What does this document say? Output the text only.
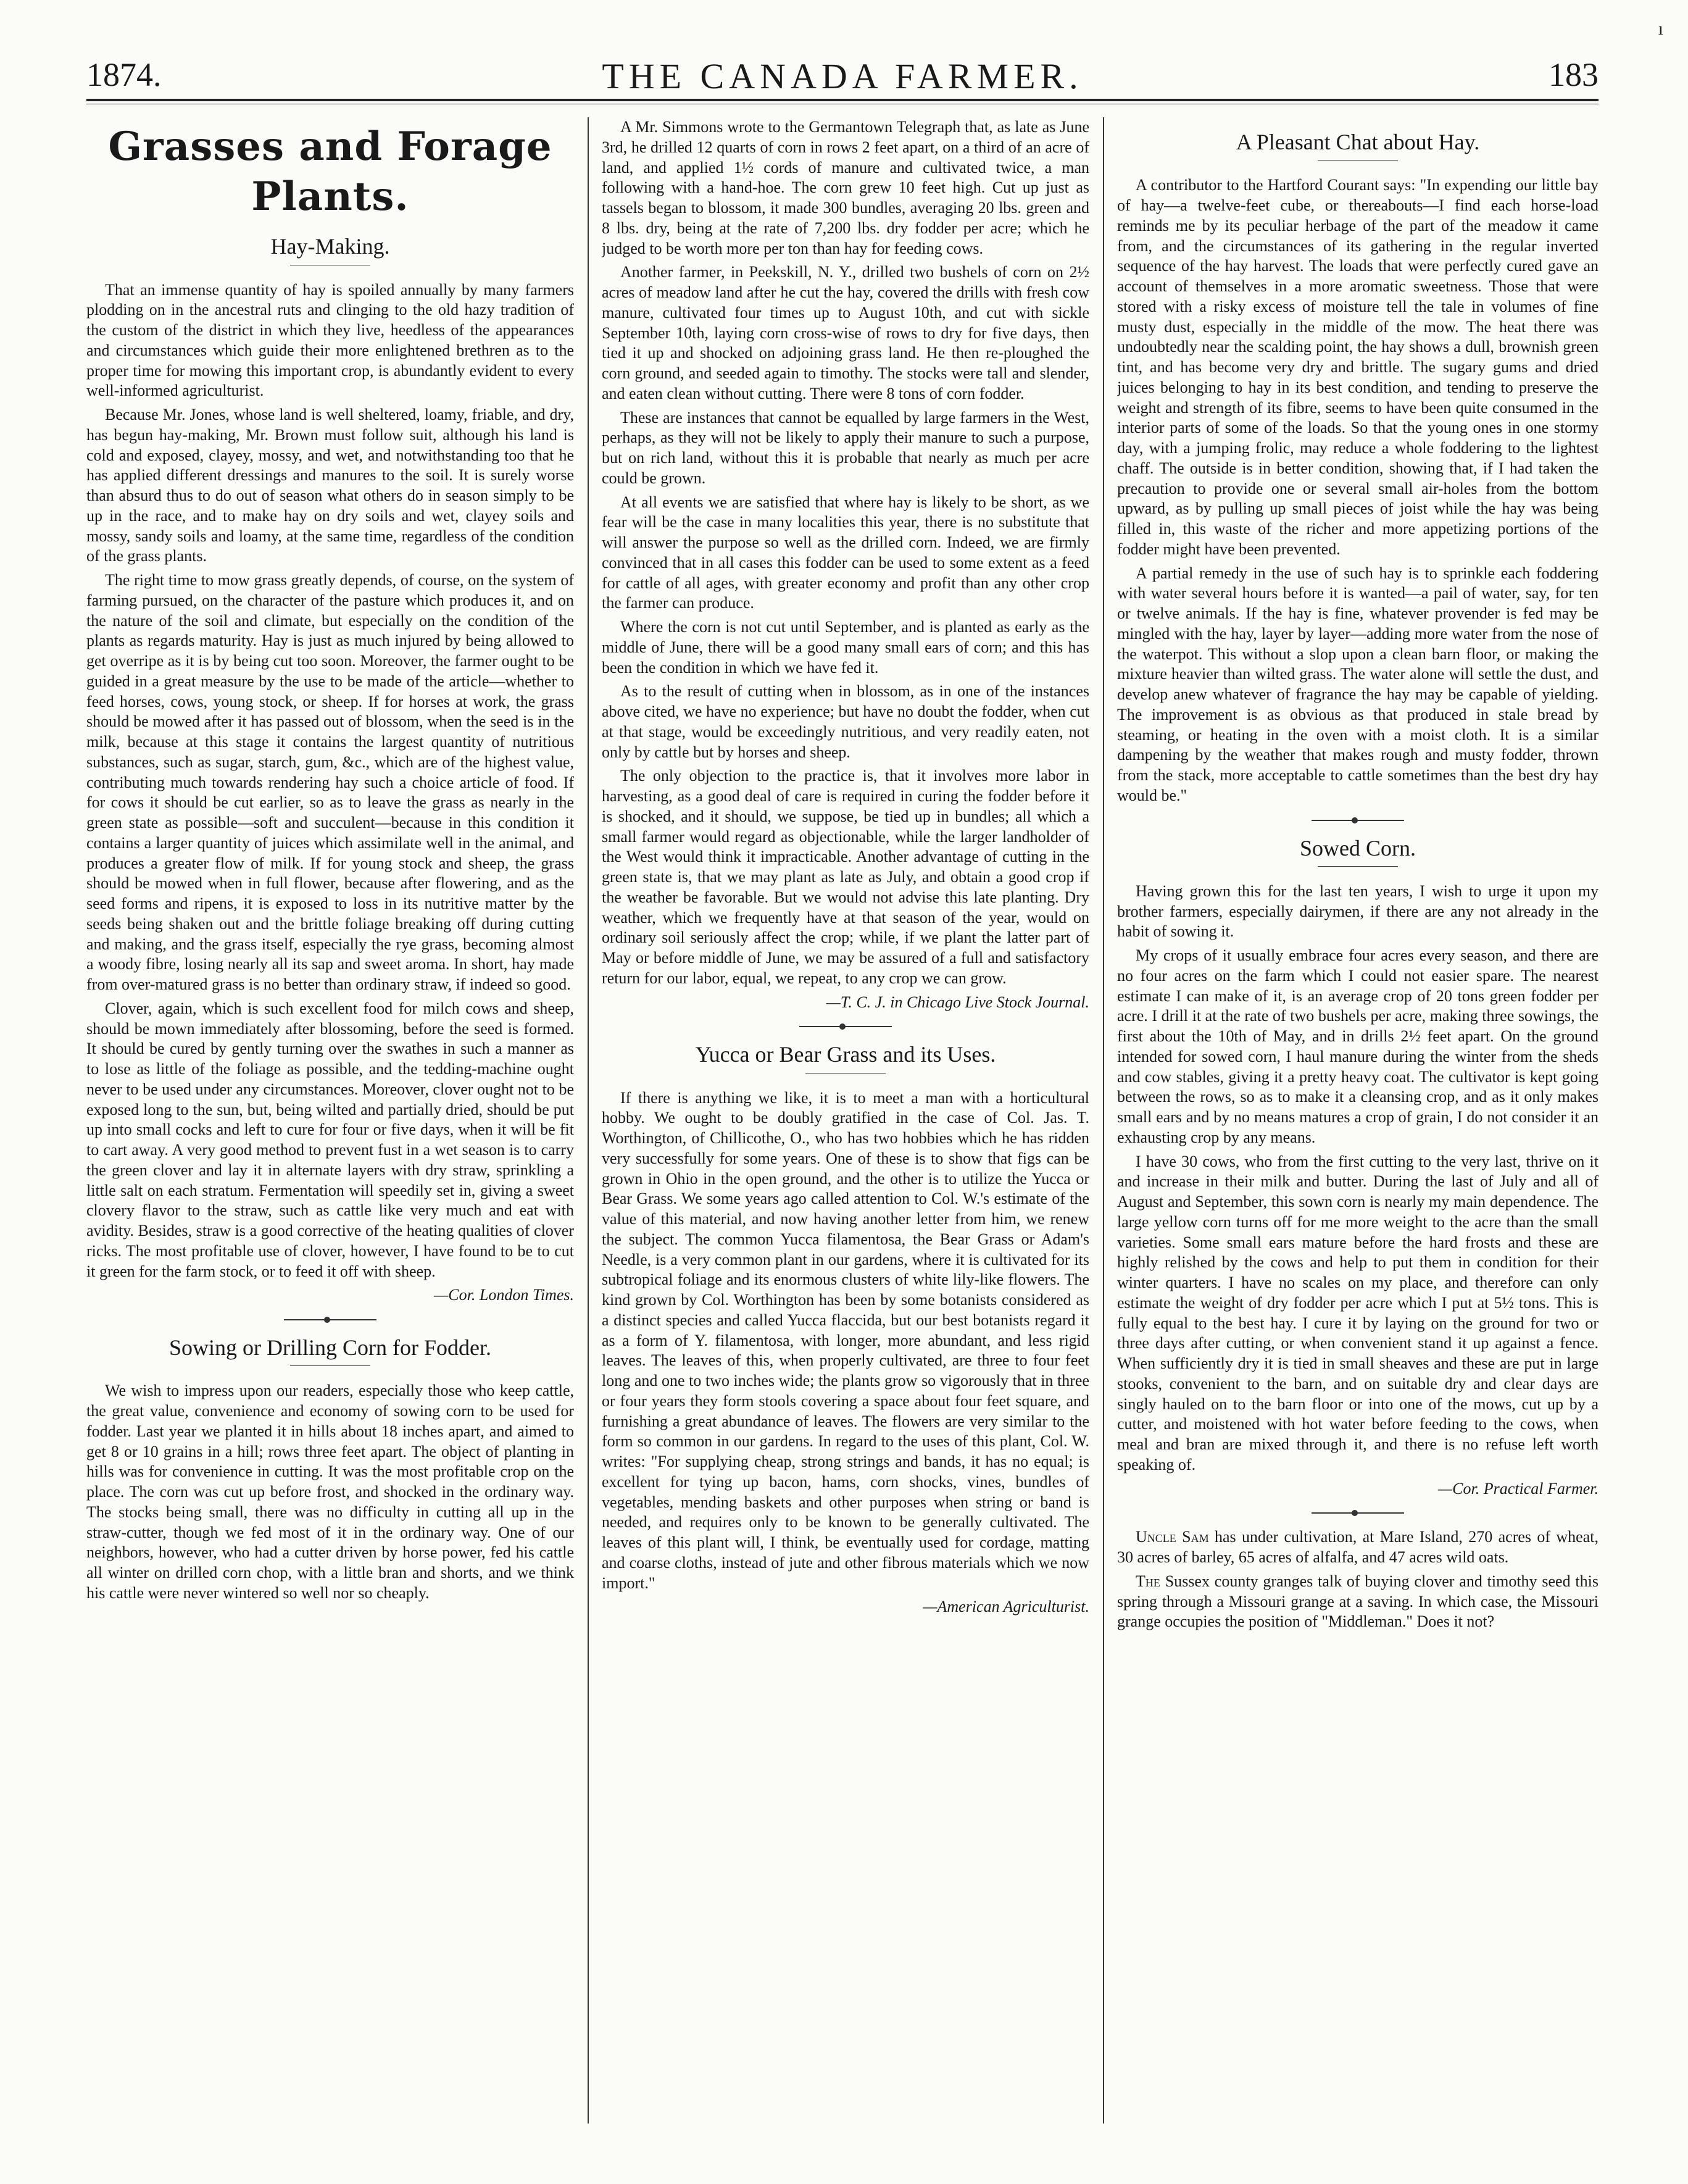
ı
1874.	THE CANADA FARMER.	183
Grasses and Forage Plants.
Hay-Making.

That an immense quantity of hay is spoiled annually by many farmers plodding on in the ancestral ruts and clinging to the old hazy tradition of the custom of the district in which they live, heedless of the appearances and circumstances which guide their more enlightened brethren as to the proper time for mowing this important crop, is abundantly evident to every well-informed agriculturist.

Because Mr. Jones, whose land is well sheltered, loamy, friable, and dry, has begun hay-making, Mr. Brown must follow suit, although his land is cold and exposed, clayey, mossy, and wet, and notwithstanding too that he has applied different dressings and manures to the soil. It is surely worse than absurd thus to do out of season what others do in season simply to be up in the race, and to make hay on dry soils and wet, clayey soils and mossy, sandy soils and loamy, at the same time, regardless of the condition of the grass plants.

The right time to mow grass greatly depends, of course, on the system of farming pursued, on the character of the pasture which produces it, and on the nature of the soil and climate, but especially on the condition of the plants as regards maturity. Hay is just as much injured by being allowed to get overripe as it is by being cut too soon. Moreover, the farmer ought to be guided in a great measure by the use to be made of the article—whether to feed horses, cows, young stock, or sheep. If for horses at work, the grass should be mowed after it has passed out of blossom, when the seed is in the milk, because at this stage it contains the largest quantity of nutritious substances, such as sugar, starch, gum, &c., which are of the highest value, contributing much towards rendering hay such a choice article of food. If for cows it should be cut earlier, so as to leave the grass as nearly in the green state as possible—soft and succulent—because in this condition it contains a larger quantity of juices which assimilate well in the animal, and produces a greater flow of milk. If for young stock and sheep, the grass should be mowed when in full flower, because after flowering, and as the seed forms and ripens, it is exposed to loss in its nutritive matter by the seeds being shaken out and the brittle foliage breaking off during cutting and making, and the grass itself, especially the rye grass, becoming almost a woody fibre, losing nearly all its sap and sweet aroma. In short, hay made from over-matured grass is no better than ordinary straw, if indeed so good.

Clover, again, which is such excellent food for milch cows and sheep, should be mown immediately after blossoming, before the seed is formed. It should be cured by gently turning over the swathes in such a manner as to lose as little of the foliage as possible, and the tedding-machine ought never to be used under any circumstances. Moreover, clover ought not to be exposed long to the sun, but, being wilted and partially dried, should be put up into small cocks and left to cure for four or five days, when it will be fit to cart away. A very good method to prevent fust in a wet season is to carry the green clover and lay it in alternate layers with dry straw, sprinkling a little salt on each stratum. Fermentation will speedily set in, giving a sweet clovery flavor to the straw, such as cattle like very much and eat with avidity. Besides, straw is a good corrective of the heating qualities of clover ricks. The most profitable use of clover, however, I have found to be to cut it green for the farm stock, or to feed it off with sheep.

—Cor. London Times.

Sowing or Drilling Corn for Fodder.

We wish to impress upon our readers, especially those who keep cattle, the great value, convenience and economy of sowing corn to be used for fodder. Last year we planted it in hills about 18 inches apart, and aimed to get 8 or 10 grains in a hill; rows three feet apart. The object of planting in hills was for convenience in cutting. It was the most profitable crop on the place. The corn was cut up before frost, and shocked in the ordinary way. The stocks being small, there was no difficulty in cutting all up in the straw-cutter, though we fed most of it in the ordinary way. One of our neighbors, however, who had a cutter driven by horse power, fed his cattle all winter on drilled corn chop, with a little bran and shorts, and we think his cattle were never wintered so well nor so cheaply.

A Mr. Simmons wrote to the Germantown Telegraph that, as late as June 3rd, he drilled 12 quarts of corn in rows 2 feet apart, on a third of an acre of land, and applied 1½ cords of manure and cultivated twice, a man following with a hand-hoe. The corn grew 10 feet high. Cut up just as tassels began to blossom, it made 300 bundles, averaging 20 lbs. green and 8 lbs. dry, being at the rate of 7,200 lbs. dry fodder per acre; which he judged to be worth more per ton than hay for feeding cows.

Another farmer, in Peekskill, N. Y., drilled two bushels of corn on 2½ acres of meadow land after he cut the hay, covered the drills with fresh cow manure, cultivated four times up to August 10th, and cut with sickle September 10th, laying corn cross-wise of rows to dry for five days, then tied it up and shocked on adjoining grass land. He then re-ploughed the corn ground, and seeded again to timothy. The stocks were tall and slender, and eaten clean without cutting. There were 8 tons of corn fodder.

These are instances that cannot be equalled by large farmers in the West, perhaps, as they will not be likely to apply their manure to such a purpose, but on rich land, without this it is probable that nearly as much per acre could be grown.

At all events we are satisfied that where hay is likely to be short, as we fear will be the case in many localities this year, there is no substitute that will answer the purpose so well as the drilled corn. Indeed, we are firmly convinced that in all cases this fodder can be used to some extent as a feed for cattle of all ages, with greater economy and profit than any other crop the farmer can produce.

Where the corn is not cut until September, and is planted as early as the middle of June, there will be a good many small ears of corn; and this has been the condition in which we have fed it.

As to the result of cutting when in blossom, as in one of the instances above cited, we have no experience; but have no doubt the fodder, when cut at that stage, would be exceedingly nutritious, and very readily eaten, not only by cattle but by horses and sheep.

The only objection to the practice is, that it involves more labor in harvesting, as a good deal of care is required in curing the fodder before it is shocked, and it should, we suppose, be tied up in bundles; all which a small farmer would regard as objectionable, while the larger landholder of the West would think it impracticable. Another advantage of cutting in the green state is, that we may plant as late as July, and obtain a good crop if the weather be favorable. But we would not advise this late planting. Dry weather, which we frequently have at that season of the year, would on ordinary soil seriously affect the crop; while, if we plant the latter part of May or before middle of June, we may be assured of a full and satisfactory return for our labor, equal, we repeat, to any crop we can grow.

—T. C. J. in Chicago Live Stock Journal.

Yucca or Bear Grass and its Uses.

If there is anything we like, it is to meet a man with a horticultural hobby. We ought to be doubly gratified in the case of Col. Jas. T. Worthington, of Chillicothe, O., who has two hobbies which he has ridden very successfully for some years. One of these is to show that figs can be grown in Ohio in the open ground, and the other is to utilize the Yucca or Bear Grass. We some years ago called attention to Col. W.'s estimate of the value of this material, and now having another letter from him, we renew the subject. The common Yucca filamentosa, the Bear Grass or Adam's Needle, is a very common plant in our gardens, where it is cultivated for its subtropical foliage and its enormous clusters of white lily-like flowers. The kind grown by Col. Worthington has been by some botanists considered as a distinct species and called Yucca flaccida, but our best botanists regard it as a form of Y. filamentosa, with longer, more abundant, and less rigid leaves. The leaves of this, when properly cultivated, are three to four feet long and one to two inches wide; the plants grow so vigorously that in three or four years they form stools covering a space about four feet square, and furnishing a great abundance of leaves. The flowers are very similar to the form so common in our gardens. In regard to the uses of this plant, Col. W. writes: "For supplying cheap, strong strings and bands, it has no equal; is excellent for tying up bacon, hams, corn shocks, vines, bundles of vegetables, mending baskets and other purposes when string or band is needed, and requires only to be known to be generally cultivated. The leaves of this plant will, I think, be eventually used for cordage, matting and coarse cloths, instead of jute and other fibrous materials which we now import."

—American Agriculturist.

A Pleasant Chat about Hay.

A contributor to the Hartford Courant says: "In expending our little bay of hay—a twelve-feet cube, or thereabouts—I find each horse-load reminds me by its peculiar herbage of the part of the meadow it came from, and the circumstances of its gathering in the regular inverted sequence of the hay harvest. The loads that were perfectly cured gave an account of themselves in a more aromatic sweetness. Those that were stored with a risky excess of moisture tell the tale in volumes of fine musty dust, especially in the middle of the mow. The heat there was undoubtedly near the scalding point, the hay shows a dull, brownish green tint, and has become very dry and brittle. The sugary gums and dried juices belonging to hay in its best condition, and tending to preserve the weight and strength of its fibre, seems to have been quite consumed in the interior parts of some of the loads. So that the young ones in one stormy day, with a jumping frolic, may reduce a whole foddering to the lightest chaff. The outside is in better condition, showing that, if I had taken the precaution to provide one or several small air-holes from the bottom upward, as by pulling up small pieces of joist while the hay was being filled in, this waste of the richer and more appetizing portions of the fodder might have been prevented.

A partial remedy in the use of such hay is to sprinkle each foddering with water several hours before it is wanted—a pail of water, say, for ten or twelve animals. If the hay is fine, whatever provender is fed may be mingled with the hay, layer by layer—adding more water from the nose of the waterpot. This without a slop upon a clean barn floor, or making the mixture heavier than wilted grass. The water alone will settle the dust, and develop anew whatever of fragrance the hay may be capable of yielding. The improvement is as obvious as that produced in stale bread by steaming, or heating in the oven with a moist cloth. It is a similar dampening by the weather that makes rough and musty fodder, thrown from the stack, more acceptable to cattle sometimes than the best dry hay would be."

Sowed Corn.

Having grown this for the last ten years, I wish to urge it upon my brother farmers, especially dairymen, if there are any not already in the habit of sowing it.

My crops of it usually embrace four acres every season, and there are no four acres on the farm which I could not easier spare. The nearest estimate I can make of it, is an average crop of 20 tons green fodder per acre. I drill it at the rate of two bushels per acre, making three sowings, the first about the 10th of May, and in drills 2½ feet apart. On the ground intended for sowed corn, I haul manure during the winter from the sheds and cow stables, giving it a pretty heavy coat. The cultivator is kept going between the rows, so as to make it a cleansing crop, and as it only makes small ears and by no means matures a crop of grain, I do not consider it an exhausting crop by any means.

I have 30 cows, who from the first cutting to the very last, thrive on it and increase in their milk and butter. During the last of July and all of August and September, this sown corn is nearly my main dependence. The large yellow corn turns off for me more weight to the acre than the small varieties. Some small ears mature before the hard frosts and these are highly relished by the cows and help to put them in condition for their winter quarters. I have no scales on my place, and therefore can only estimate the weight of dry fodder per acre which I put at 5½ tons. This is fully equal to the best hay. I cure it by laying on the ground for two or three days after cutting, or when convenient stand it up against a fence. When sufficiently dry it is tied in small sheaves and these are put in large stooks, convenient to the barn, and on suitable dry and clear days are singly hauled on to the barn floor or into one of the mows, cut up by a cutter, and moistened with hot water before feeding to the cows, when meal and bran are mixed through it, and there is no refuse left worth speaking of.

—Cor. Practical Farmer.

Uncle Sam has under cultivation, at Mare Island, 270 acres of wheat, 30 acres of barley, 65 acres of alfalfa, and 47 acres wild oats.

The Sussex county granges talk of buying clover and timothy seed this spring through a Missouri grange at a saving. In which case, the Missouri grange occupies the position of "Middleman." Does it not?
